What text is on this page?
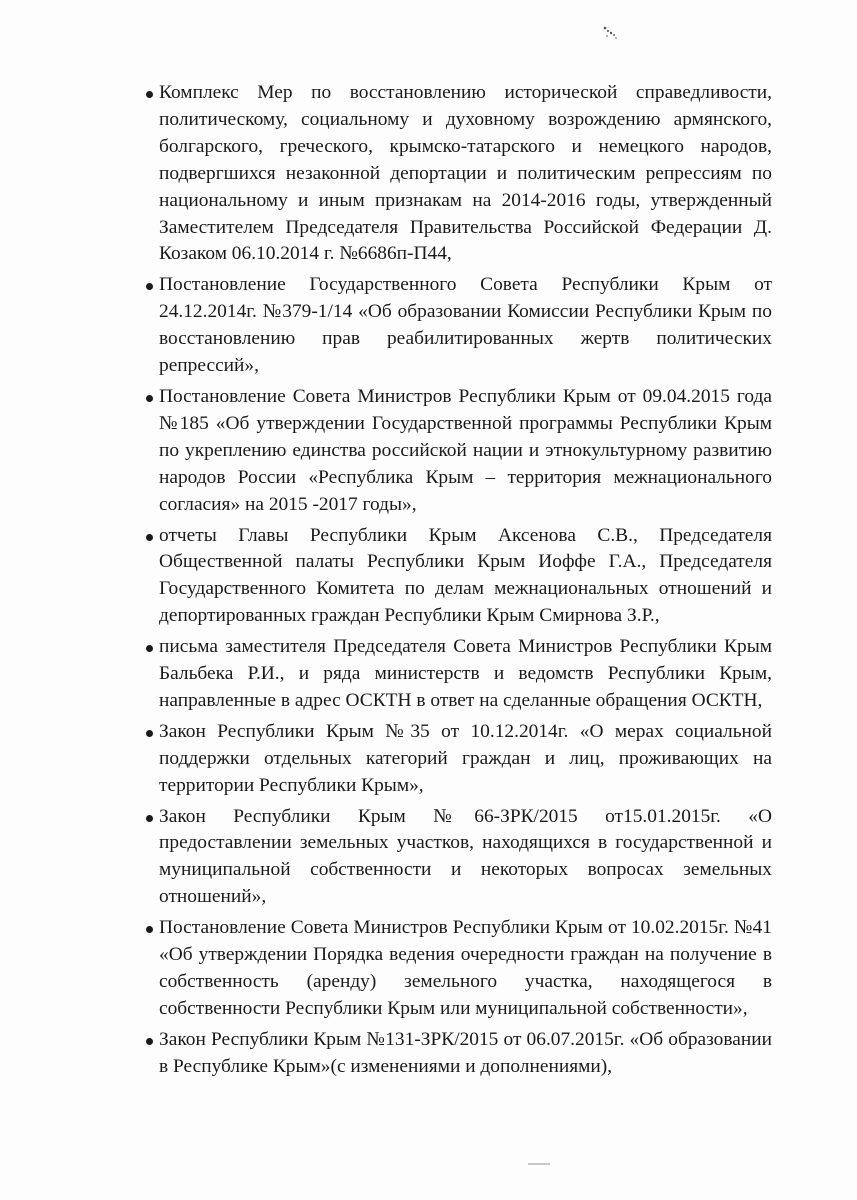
Комплекс Мер по восстановлению исторической справедливости, политическому, социальному и духовному возрождению армянского, болгарского, греческого, крымско-татарского и немецкого народов, подвергшихся незаконной депортации и политическим репрессиям по национальному и иным признакам на 2014-2016 годы, утвержденный Заместителем Председателя Правительства Российской Федерации Д. Козаком 06.10.2014 г. №6686п-П44,
Постановление Государственного Совета Республики Крым от 24.12.2014г. №379-1/14 «Об образовании Комиссии Республики Крым по восстановлению прав реабилитированных жертв политических репрессий»,
Постановление Совета Министров Республики Крым от 09.04.2015 года №185 «Об утверждении Государственной программы Республики Крым по укреплению единства российской нации и этнокультурному развитию народов России «Республика Крым – территория межнационального согласия» на 2015 -2017 годы»,
отчеты Главы Республики Крым Аксенова С.В., Председателя Общественной палаты Республики Крым Иоффе Г.А., Председателя Государственного Комитета по делам межнациональных отношений и депортированных граждан Республики Крым Смирнова З.Р.,
письма заместителя Председателя Совета Министров Республики Крым Бальбека Р.И., и ряда министерств и ведомств Республики Крым, направленные в адрес ОСКТН в ответ на сделанные обращения ОСКТН,
Закон Республики Крым №35 от 10.12.2014г. «О мерах социальной поддержки отдельных категорий граждан и лиц, проживающих на территории Республики Крым»,
Закон Республики Крым №66-ЗРК/2015 от15.01.2015г. «О предоставлении земельных участков, находящихся в государственной и муниципальной собственности и некоторых вопросах земельных отношений»,
Постановление Совета Министров Республики Крым от 10.02.2015г. №41 «Об утверждении Порядка ведения очередности граждан на получение в собственность (аренду) земельного участка, находящегося в собственности Республики Крым или муниципальной собственности»,
Закон Республики Крым №131-ЗРК/2015 от 06.07.2015г. «Об образовании в Республике Крым»(с изменениями и дополнениями),
